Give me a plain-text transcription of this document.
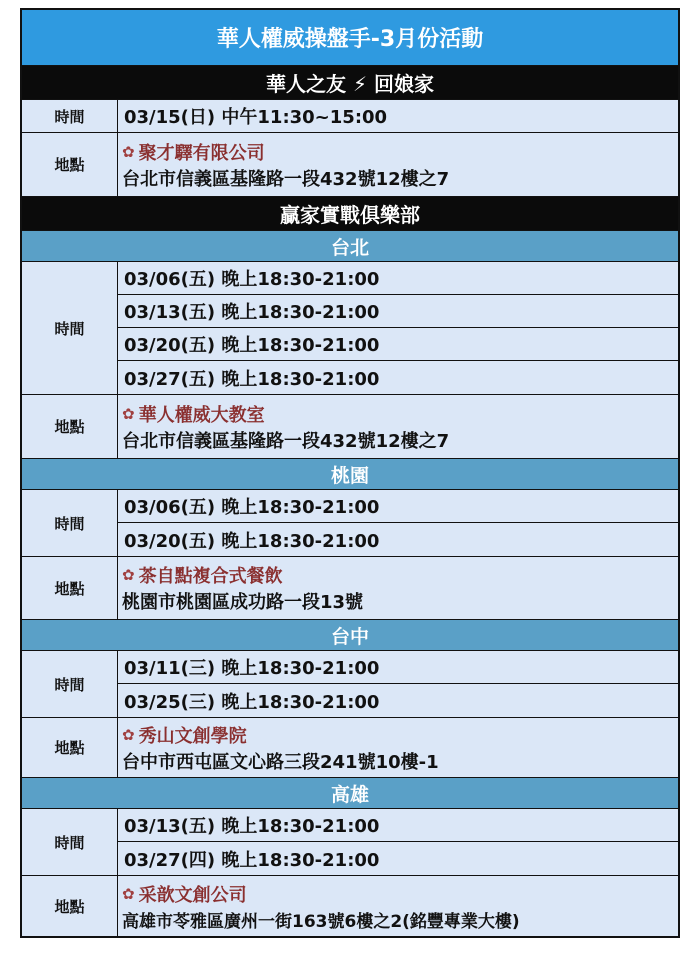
華人權威操盤手-3月份活動
華人之友 ⚡ 回娘家
時間	03/15(日) 中午11:30~15:00
地點
✿ 聚才驛有限公司
台北市信義區基隆路一段432號12樓之7
贏家實戰俱樂部
台北
時間
03/06(五) 晚上18:30-21:00
03/13(五) 晚上18:30-21:00
03/20(五) 晚上18:30-21:00
03/27(五) 晚上18:30-21:00
地點
✿ 華人權威大教室
台北市信義區基隆路一段432號12樓之7
桃園
時間
03/06(五) 晚上18:30-21:00
03/20(五) 晚上18:30-21:00
地點
✿ 茶自點複合式餐飲
桃園市桃園區成功路一段13號
台中
時間
03/11(三) 晚上18:30-21:00
03/25(三) 晚上18:30-21:00
地點
✿ 秀山文創學院
台中市西屯區文心路三段241號10樓-1
高雄
時間
03/13(五) 晚上18:30-21:00
03/27(四) 晚上18:30-21:00
地點
✿ 采歆文創公司
高雄市苓雅區廣州一街163號6樓之2(銘豐專業大樓)
